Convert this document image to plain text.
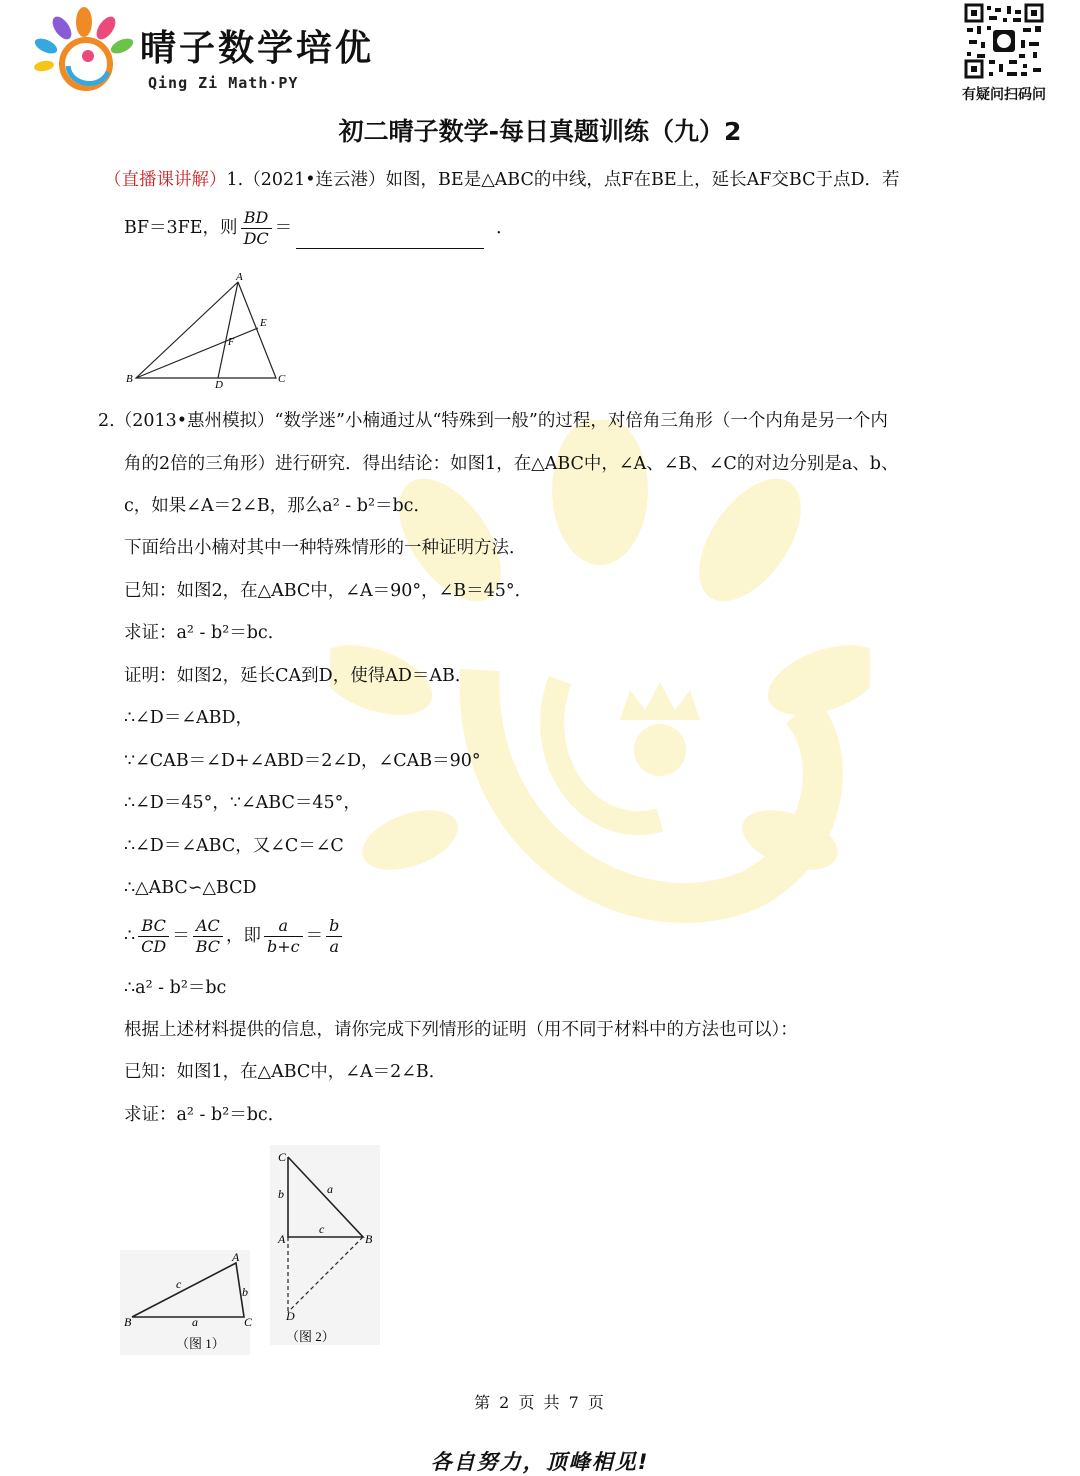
晴子数学培优
Qing Zi Math·PY
有疑问扫码问
初二晴子数学-每日真题训练（九）2
（直播课讲解）1.（2021•连云港）如图，BE是△ABC的中线，点F在BE上，延长AF交BC于点D．若
BF＝3FE，则 $\frac{BD}{DC}$ ＝	．
A
B	C
D
E
F
2.（2013•惠州模拟）“数学迷”小楠通过从“特殊到一般”的过程，对倍角三角形（一个内角是另一个内
角的2倍的三角形）进行研究．得出结论：如图1，在△ABC中，∠A、∠B、∠C的对边分别是a、b、
c，如果∠A＝2∠B，那么a² - b²＝bc．
下面给出小楠对其中一种特殊情形的一种证明方法．
已知：如图2，在△ABC中，∠A＝90°，∠B＝45°．
求证：a² - b²＝bc．
证明：如图2，延长CA到D，使得AD＝AB．
∴∠D＝∠ABD，
∵∠CAB＝∠D+∠ABD＝2∠D，∠CAB＝90°
∴∠D＝45°，∵∠ABC＝45°，
∴∠D＝∠ABC，又∠C＝∠C
∴△ABC∽△BCD
∴ $\frac{BC}{CD} = \frac{AC}{BC}$ ，即 $\frac{a}{b+c} = \frac{b}{a}$
∴a² - b²＝bc
根据上述材料提供的信息，请你完成下列情形的证明（用不同于材料中的方法也可以）：
已知：如图1，在△ABC中，∠A＝2∠B．
求证：a² - b²＝bc．
A
B	C
a
b
c
（图 1）
C
A	B
D
a
b
c
（图 2）
第 2 页 共 7 页
各自努力，顶峰相见!
